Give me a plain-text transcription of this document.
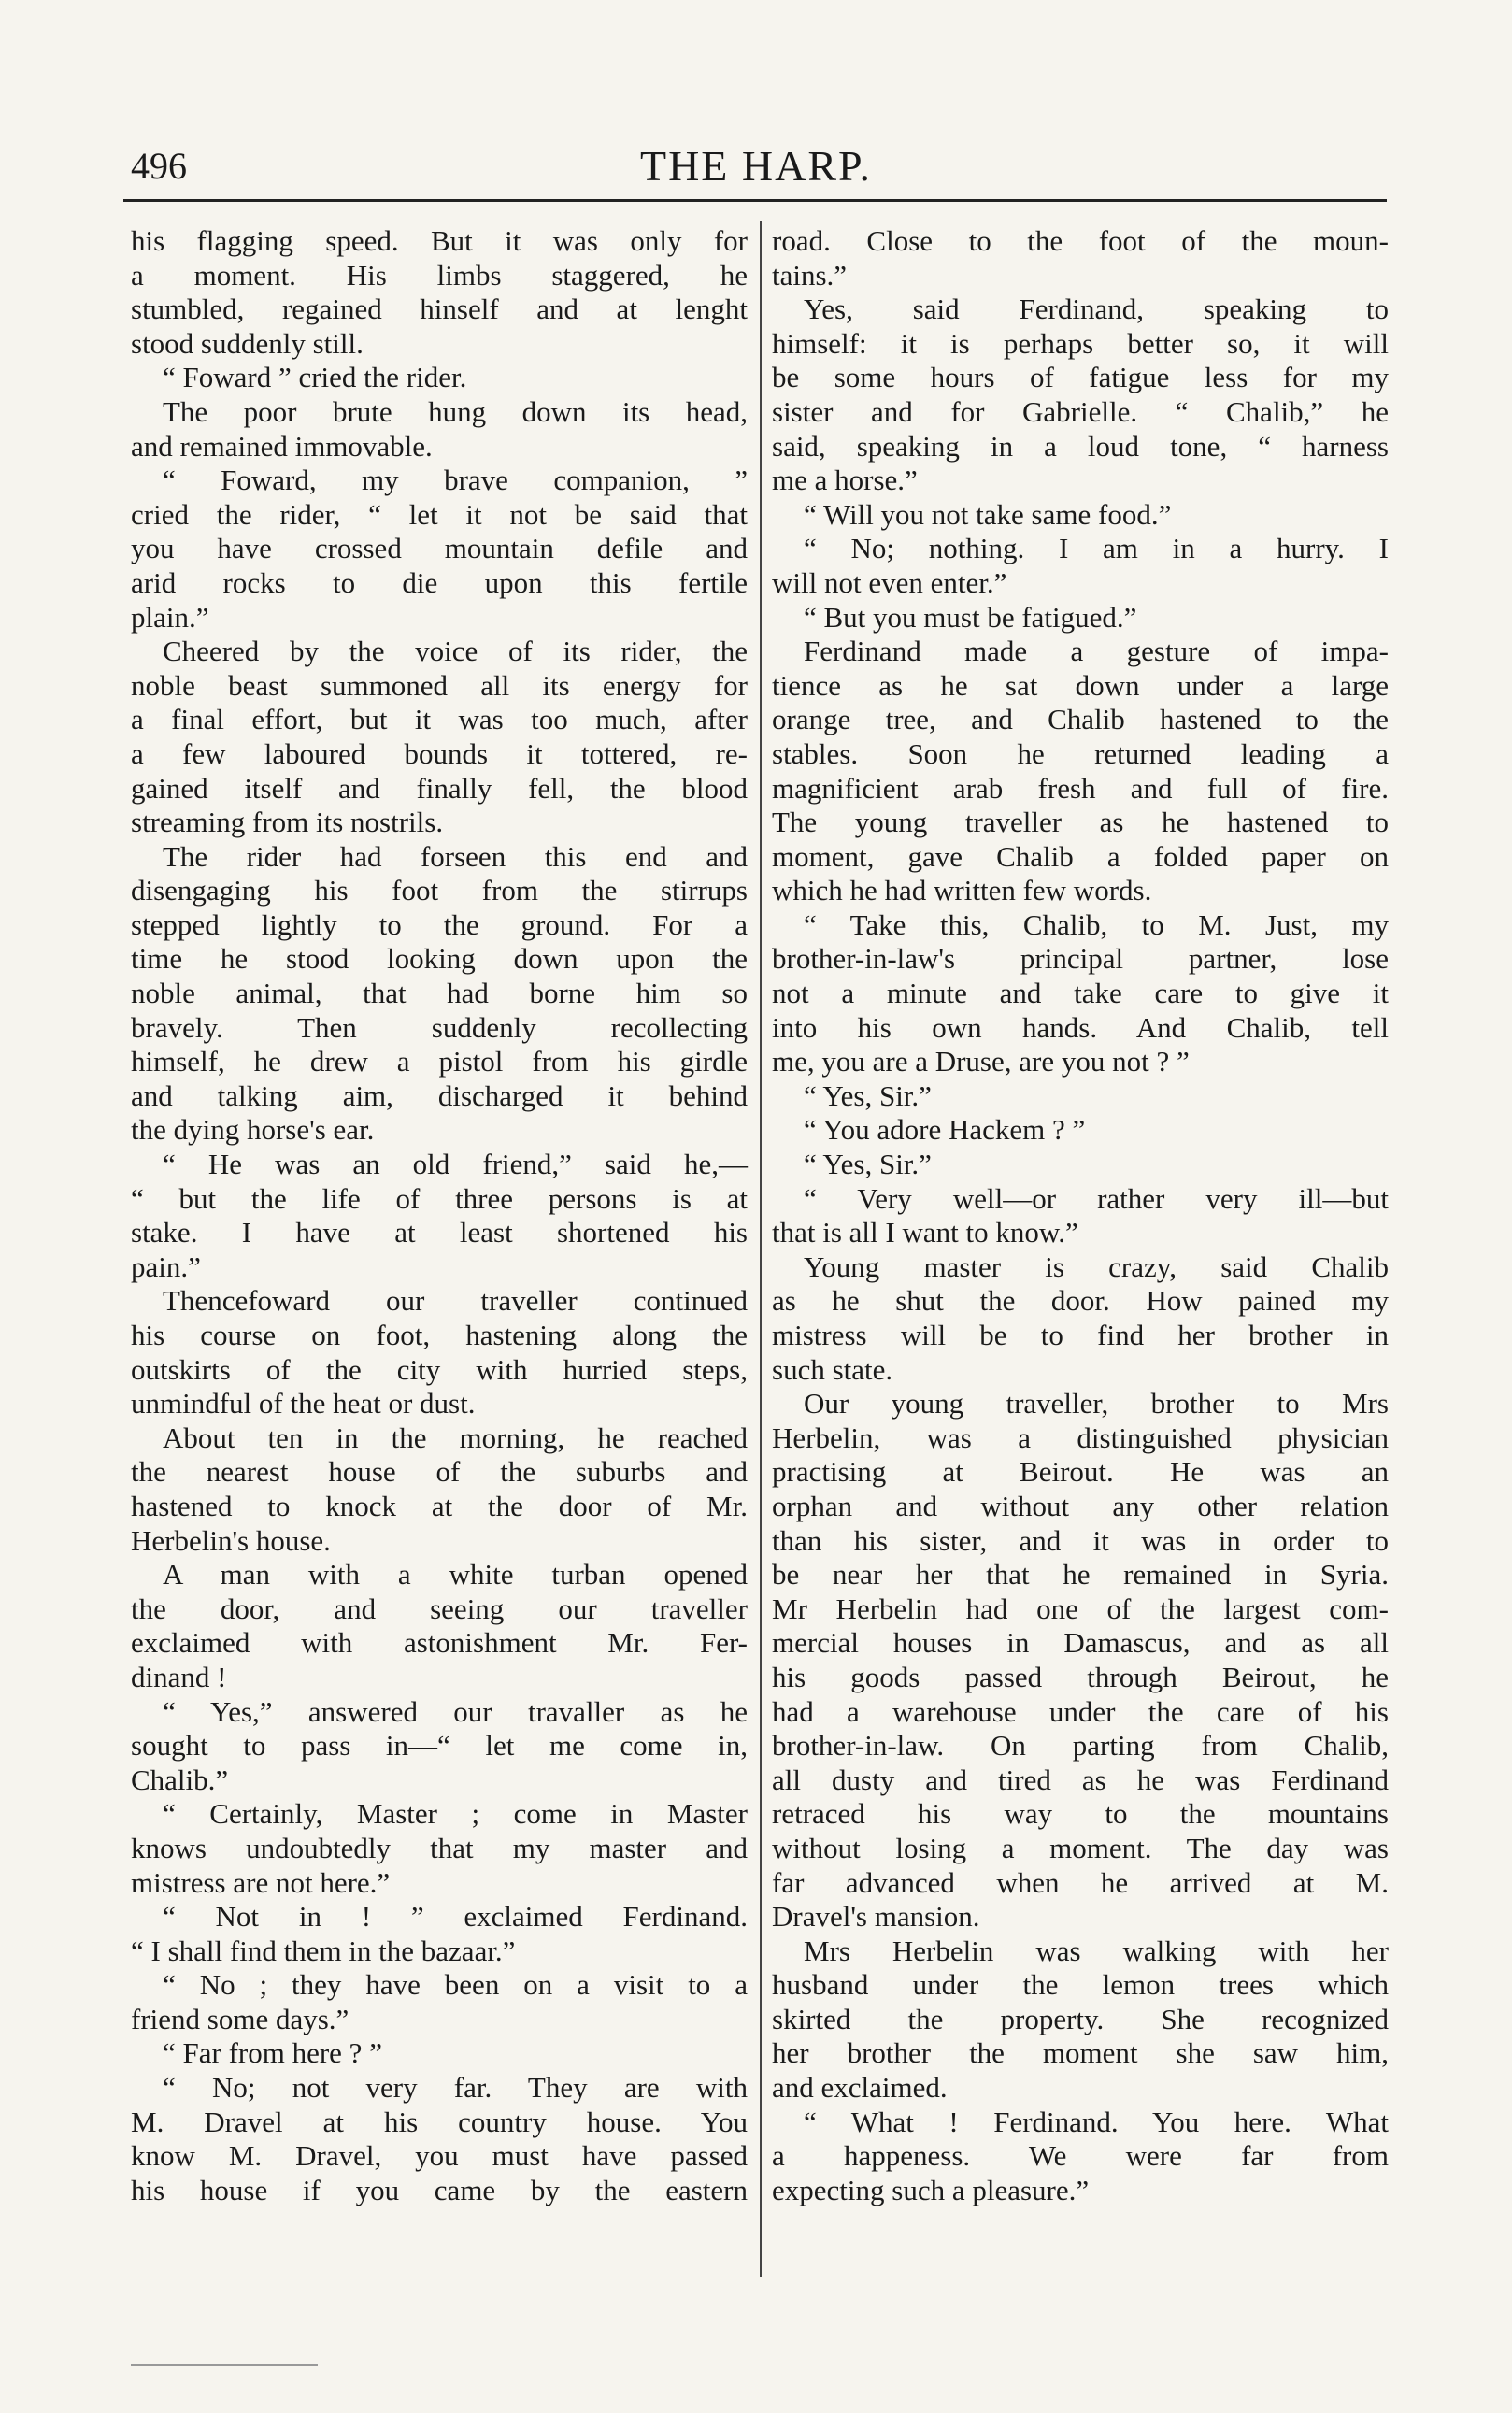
496	THE HARP.
his flagging speed. But it was only for
a moment. His limbs staggered, he
stumbled, regained hinself and at lenght
stood suddenly still.
“ Foward ” cried the rider.
The poor brute hung down its head,
and remained immovable.
“ Foward, my brave companion, ”
cried the rider, “ let it not be said that
you have crossed mountain defile and
arid rocks to die upon this fertile
plain.”
Cheered by the voice of its rider, the
noble beast summoned all its energy for
a final effort, but it was too much, after
a few laboured bounds it tottered, re-
gained itself and finally fell, the blood
streaming from its nostrils.
The rider had forseen this end and
disengaging his foot from the stirrups
stepped lightly to the ground. For a
time he stood looking down upon the
noble animal, that had borne him so
bravely. Then suddenly recollecting
himself, he drew a pistol from his girdle
and talking aim, discharged it behind
the dying horse's ear.
“ He was an old friend,” said he,—
“ but the life of three persons is at
stake. I have at least shortened his
pain.”
Thencefoward our traveller continued
his course on foot, hastening along the
outskirts of the city with hurried steps,
unmindful of the heat or dust.
About ten in the morning, he reached
the nearest house of the suburbs and
hastened to knock at the door of Mr.
Herbelin's house.
A man with a white turban opened
the door, and seeing our traveller
exclaimed with astonishment Mr. Fer-
dinand !
“ Yes,” answered our travaller as he
sought to pass in—“ let me come in,
Chalib.”
“ Certainly, Master ; come in Master
knows undoubtedly that my master and
mistress are not here.”
“ Not in ! ” exclaimed Ferdinand.
“ I shall find them in the bazaar.”
“ No ; they have been on a visit to a
friend some days.”
“ Far from here ? ”
“ No; not very far. They are with
M. Dravel at his country house. You
know M. Dravel, you must have passed
his house if you came by the eastern
road. Close to the foot of the moun-
tains.”
Yes, said Ferdinand, speaking to
himself: it is perhaps better so, it will
be some hours of fatigue less for my
sister and for Gabrielle. “ Chalib,” he
said, speaking in a loud tone, “ harness
me a horse.”
“ Will you not take same food.”
“ No; nothing. I am in a hurry. I
will not even enter.”
“ But you must be fatigued.”
Ferdinand made a gesture of impa-
tience as he sat down under a large
orange tree, and Chalib hastened to the
stables. Soon he returned leading a
magnificient arab fresh and full of fire.
The young traveller as he hastened to
moment, gave Chalib a folded paper on
which he had written few words.
“ Take this, Chalib, to M. Just, my
brother-in-law's principal partner, lose
not a minute and take care to give it
into his own hands. And Chalib, tell
me, you are a Druse, are you not ? ”
“ Yes, Sir.”
“ You adore Hackem ? ”
“ Yes, Sir.”
“ Very well—or rather very ill—but
that is all I want to know.”
Young master is crazy, said Chalib
as he shut the door. How pained my
mistress will be to find her brother in
such state.
Our young traveller, brother to Mrs
Herbelin, was a distinguished physician
practising at Beirout. He was an
orphan and without any other relation
than his sister, and it was in order to
be near her that he remained in Syria.
Mr Herbelin had one of the largest com-
mercial houses in Damascus, and as all
his goods passed through Beirout, he
had a warehouse under the care of his
brother-in-law. On parting from Chalib,
all dusty and tired as he was Ferdinand
retraced his way to the mountains
without losing a moment. The day was
far advanced when he arrived at M.
Dravel's mansion.
Mrs Herbelin was walking with her
husband under the lemon trees which
skirted the property. She recognized
her brother the moment she saw him,
and exclaimed.
“ What ! Ferdinand. You here. What
a happeness. We were far from
expecting such a pleasure.”
